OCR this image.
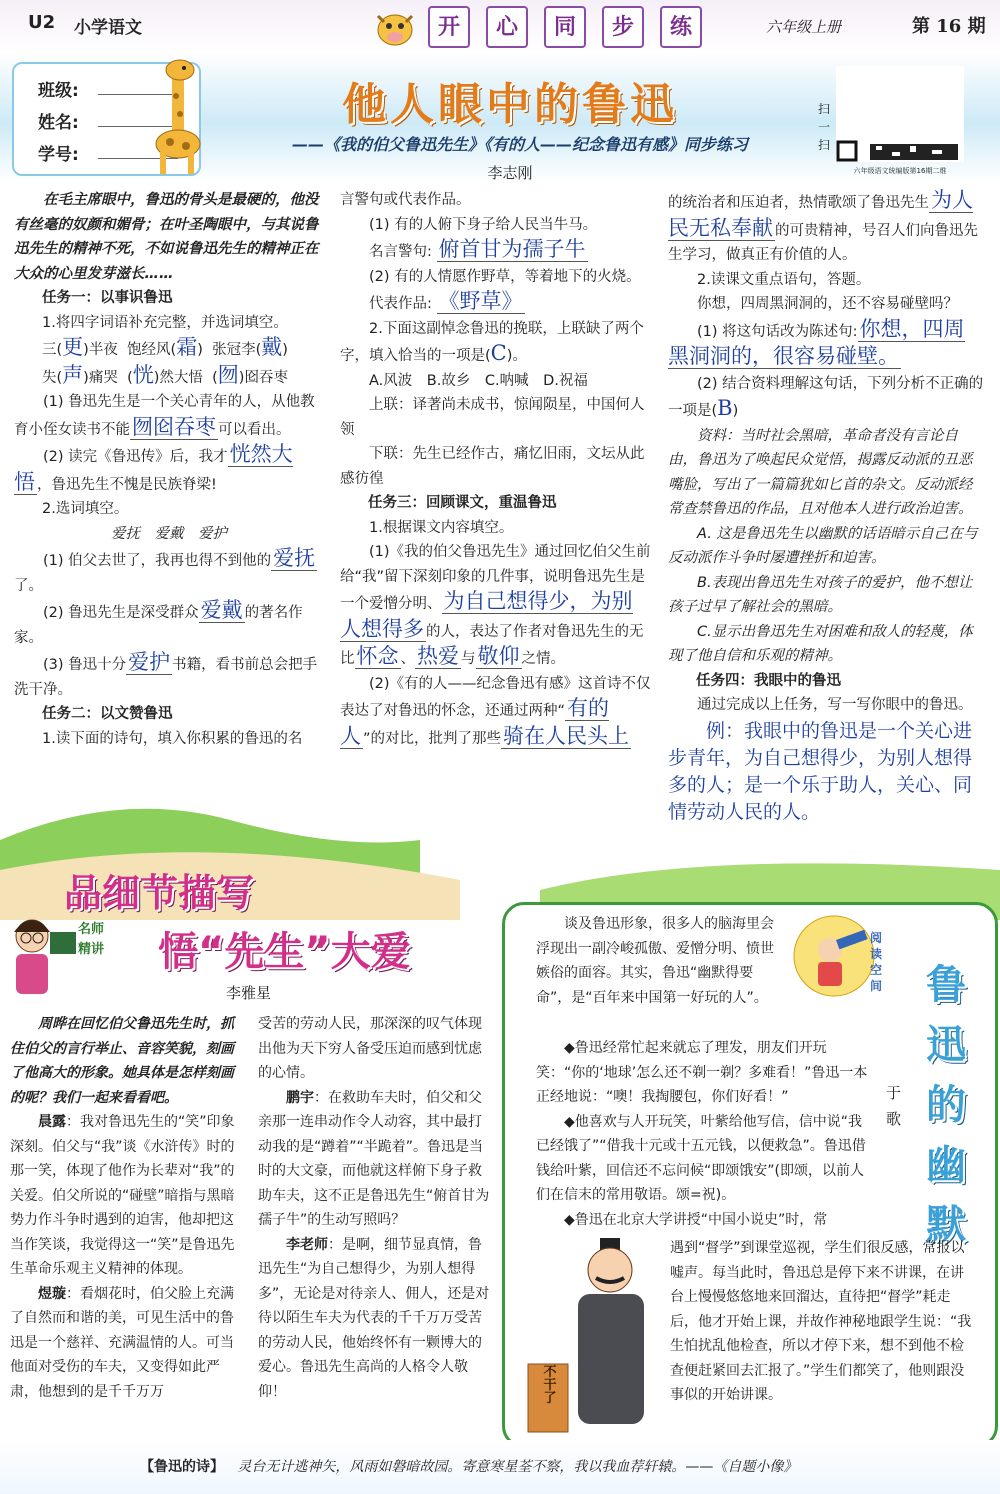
U2 小学语文	开	心	同	步	练	六年级上册	第 16 期
班级:
姓名:
学号:
他人眼中的鲁迅
——《我的伯父鲁迅先生》《有的人——纪念鲁迅有感》同步练习
李志刚
扫一扫
六年级语文统编版第16期二维

在毛主席眼中，鲁迅的骨头是最硬的，他没有丝毫的奴颜和媚骨；在叶圣陶眼中，与其说鲁迅先生的精神不死，不如说鲁迅先生的精神正在大众的心里发芽滋长……

任务一：以事识鲁迅

1.将四字词语补充完整，并选词填空。

三(更)半夜 饱经风(霜) 张冠李(戴)

失(声)痛哭 (恍)然大悟 (囫)囵吞枣

(1) 鲁迅先生是一个关心青年的人，从他教育小侄女读书不能囫囵吞枣 可以看出。

(2) 读完《鲁迅传》后，我才恍然大悟 ，鲁迅先生不愧是民族脊梁!

2.选词填空。

爱抚　爱戴　爱护

(1) 伯父去世了，我再也得不到他的爱抚了。

(2) 鲁迅先生是深受群众爱戴 的著名作家。

(3) 鲁迅十分爱护 书籍，看书前总会把手洗干净。

任务二：以文赞鲁迅

1.读下面的诗句，填入你积累的鲁迅的名

言警句或代表作品。

(1) 有的人俯下身子给人民当牛马。

名言警句: 俯首甘为孺子牛

(2) 有的人情愿作野草，等着地下的火烧。

代表作品: 《野草》

2.下面这副悼念鲁迅的挽联，上联缺了两个字，填入恰当的一项是(C)。

A.风波　B.故乡　C.呐喊　D.祝福

上联：译著尚未成书，惊闻陨星，中国何人领

下联：先生已经作古，痛忆旧雨，文坛从此感彷徨

任务三：回顾课文，重温鲁迅

1.根据课文内容填空。

(1)《我的伯父鲁迅先生》通过回忆伯父生前给“我”留下深刻印象的几件事，说明鲁迅先生是一个爱憎分明、为自己想得少，为别人想得多 的人，表达了作者对鲁迅先生的无比怀念 、热爱 与敬仰 之情。

(2)《有的人——纪念鲁迅有感》这首诗不仅表达了对鲁迅的怀念，还通过两种“有的人 ”的对比，批判了那些骑在人民头上

的统治者和压迫者，热情歌颂了鲁迅先生为人民无私奉献 的可贵精神，号召人们向鲁迅先生学习，做真正有价值的人。

2.读课文重点语句，答题。

你想，四周黑洞洞的，还不容易碰壁吗？

(1) 将这句话改为陈述句:你想，四周黑洞洞的，很容易碰壁。

(2) 结合资料理解这句话，下列分析不正确的一项是(B)

资料：当时社会黑暗，革命者没有言论自由，鲁迅为了唤起民众觉悟，揭露反动派的丑恶嘴脸，写出了一篇篇犹如匕首的杂文。反动派经常查禁鲁迅的作品，且对他本人进行政治迫害。

A. 这是鲁迅先生以幽默的话语暗示自己在与反动派作斗争时屡遭挫折和迫害。

B.表现出鲁迅先生对孩子的爱护，他不想让孩子过早了解社会的黑暗。

C.显示出鲁迅先生对困难和敌人的轻蔑，体现了他自信和乐观的精神。

任务四：我眼中的鲁迅

通过完成以上任务，写一写你眼中的鲁迅。

例：我眼中的鲁迅是一个关心进步青年，为自己想得少，为别人想得多的人；是一个乐于助人，关心、同情劳动人民的人。

品细节描写
悟“先生”大爱
名师精讲
李雅星

周晔在回忆伯父鲁迅先生时，抓住伯父的言行举止、音容笑貌，刻画了他高大的形象。她具体是怎样刻画的呢？我们一起来看看吧。

晨露：我对鲁迅先生的“笑”印象深刻。伯父与“我”谈《水浒传》时的那一笑，体现了他作为长辈对“我”的关爱。伯父所说的“碰壁”暗指与黑暗势力作斗争时遇到的迫害，他却把这当作笑谈，我觉得这一“笑”是鲁迅先生革命乐观主义精神的体现。

煜璇：看烟花时，伯父脸上充满了自然而和谐的美，可见生活中的鲁迅是一个慈祥、充满温情的人。可当他面对受伤的车夫，又变得如此严肃，他想到的是千千万万

受苦的劳动人民，那深深的叹气体现出他为天下穷人备受压迫而感到忧虑的心情。

鹏宇：在救助车夫时，伯父和父亲那一连串动作令人动容，其中最打动我的是“蹲着”“半跪着”。鲁迅是当时的大文豪，而他就这样俯下身子救助车夫，这不正是鲁迅先生“俯首甘为孺子牛”的生动写照吗？

李老师：是啊，细节显真情，鲁迅先生“为自己想得少，为别人想得多”，无论是对待亲人、佣人，还是对待以陌生车夫为代表的千千万万受苦的劳动人民，他始终怀有一颗博大的爱心。鲁迅先生高尚的人格令人敬仰！

阅读空间 鲁迅的幽默
于歌

谈及鲁迅形象，很多人的脑海里会浮现出一副冷峻孤傲、爱憎分明、愤世嫉俗的面容。其实，鲁迅“幽默得要命”，是“百年来中国第一好玩的人”。

◆鲁迅经常忙起来就忘了理发，朋友们开玩笑：“你的‘地球’怎么还不剃一剃？多难看！”鲁迅一本正经地说：“噢！我掏腰包，你们好看！”

◆他喜欢与人开玩笑，叶紫给他写信，信中说“我已经饿了”“借我十元或十五元钱，以便救急”。鲁迅借钱给叶紫，回信还不忘问候“即颂饿安”(即颂，以前人们在信末的常用敬语。颂=祝)。

◆鲁迅在北京大学讲授“中国小说史”时，常

不干了

遇到“督学”到课堂巡视，学生们很反感，常报以嘘声。每当此时，鲁迅总是停下来不讲课，在讲台上慢慢悠悠地来回溜达，直待把“督学”耗走后，他才开始上课，并故作神秘地跟学生说：“我生怕扰乱他检查，所以才停下来，想不到他不检查便赶紧回去汇报了。”学生们都笑了，他则跟没事似的开始讲课。

【鲁迅的诗】 灵台无计逃神矢，风雨如磐暗故园。寄意寒星荃不察，我以我血荐轩辕。——《自题小像》
